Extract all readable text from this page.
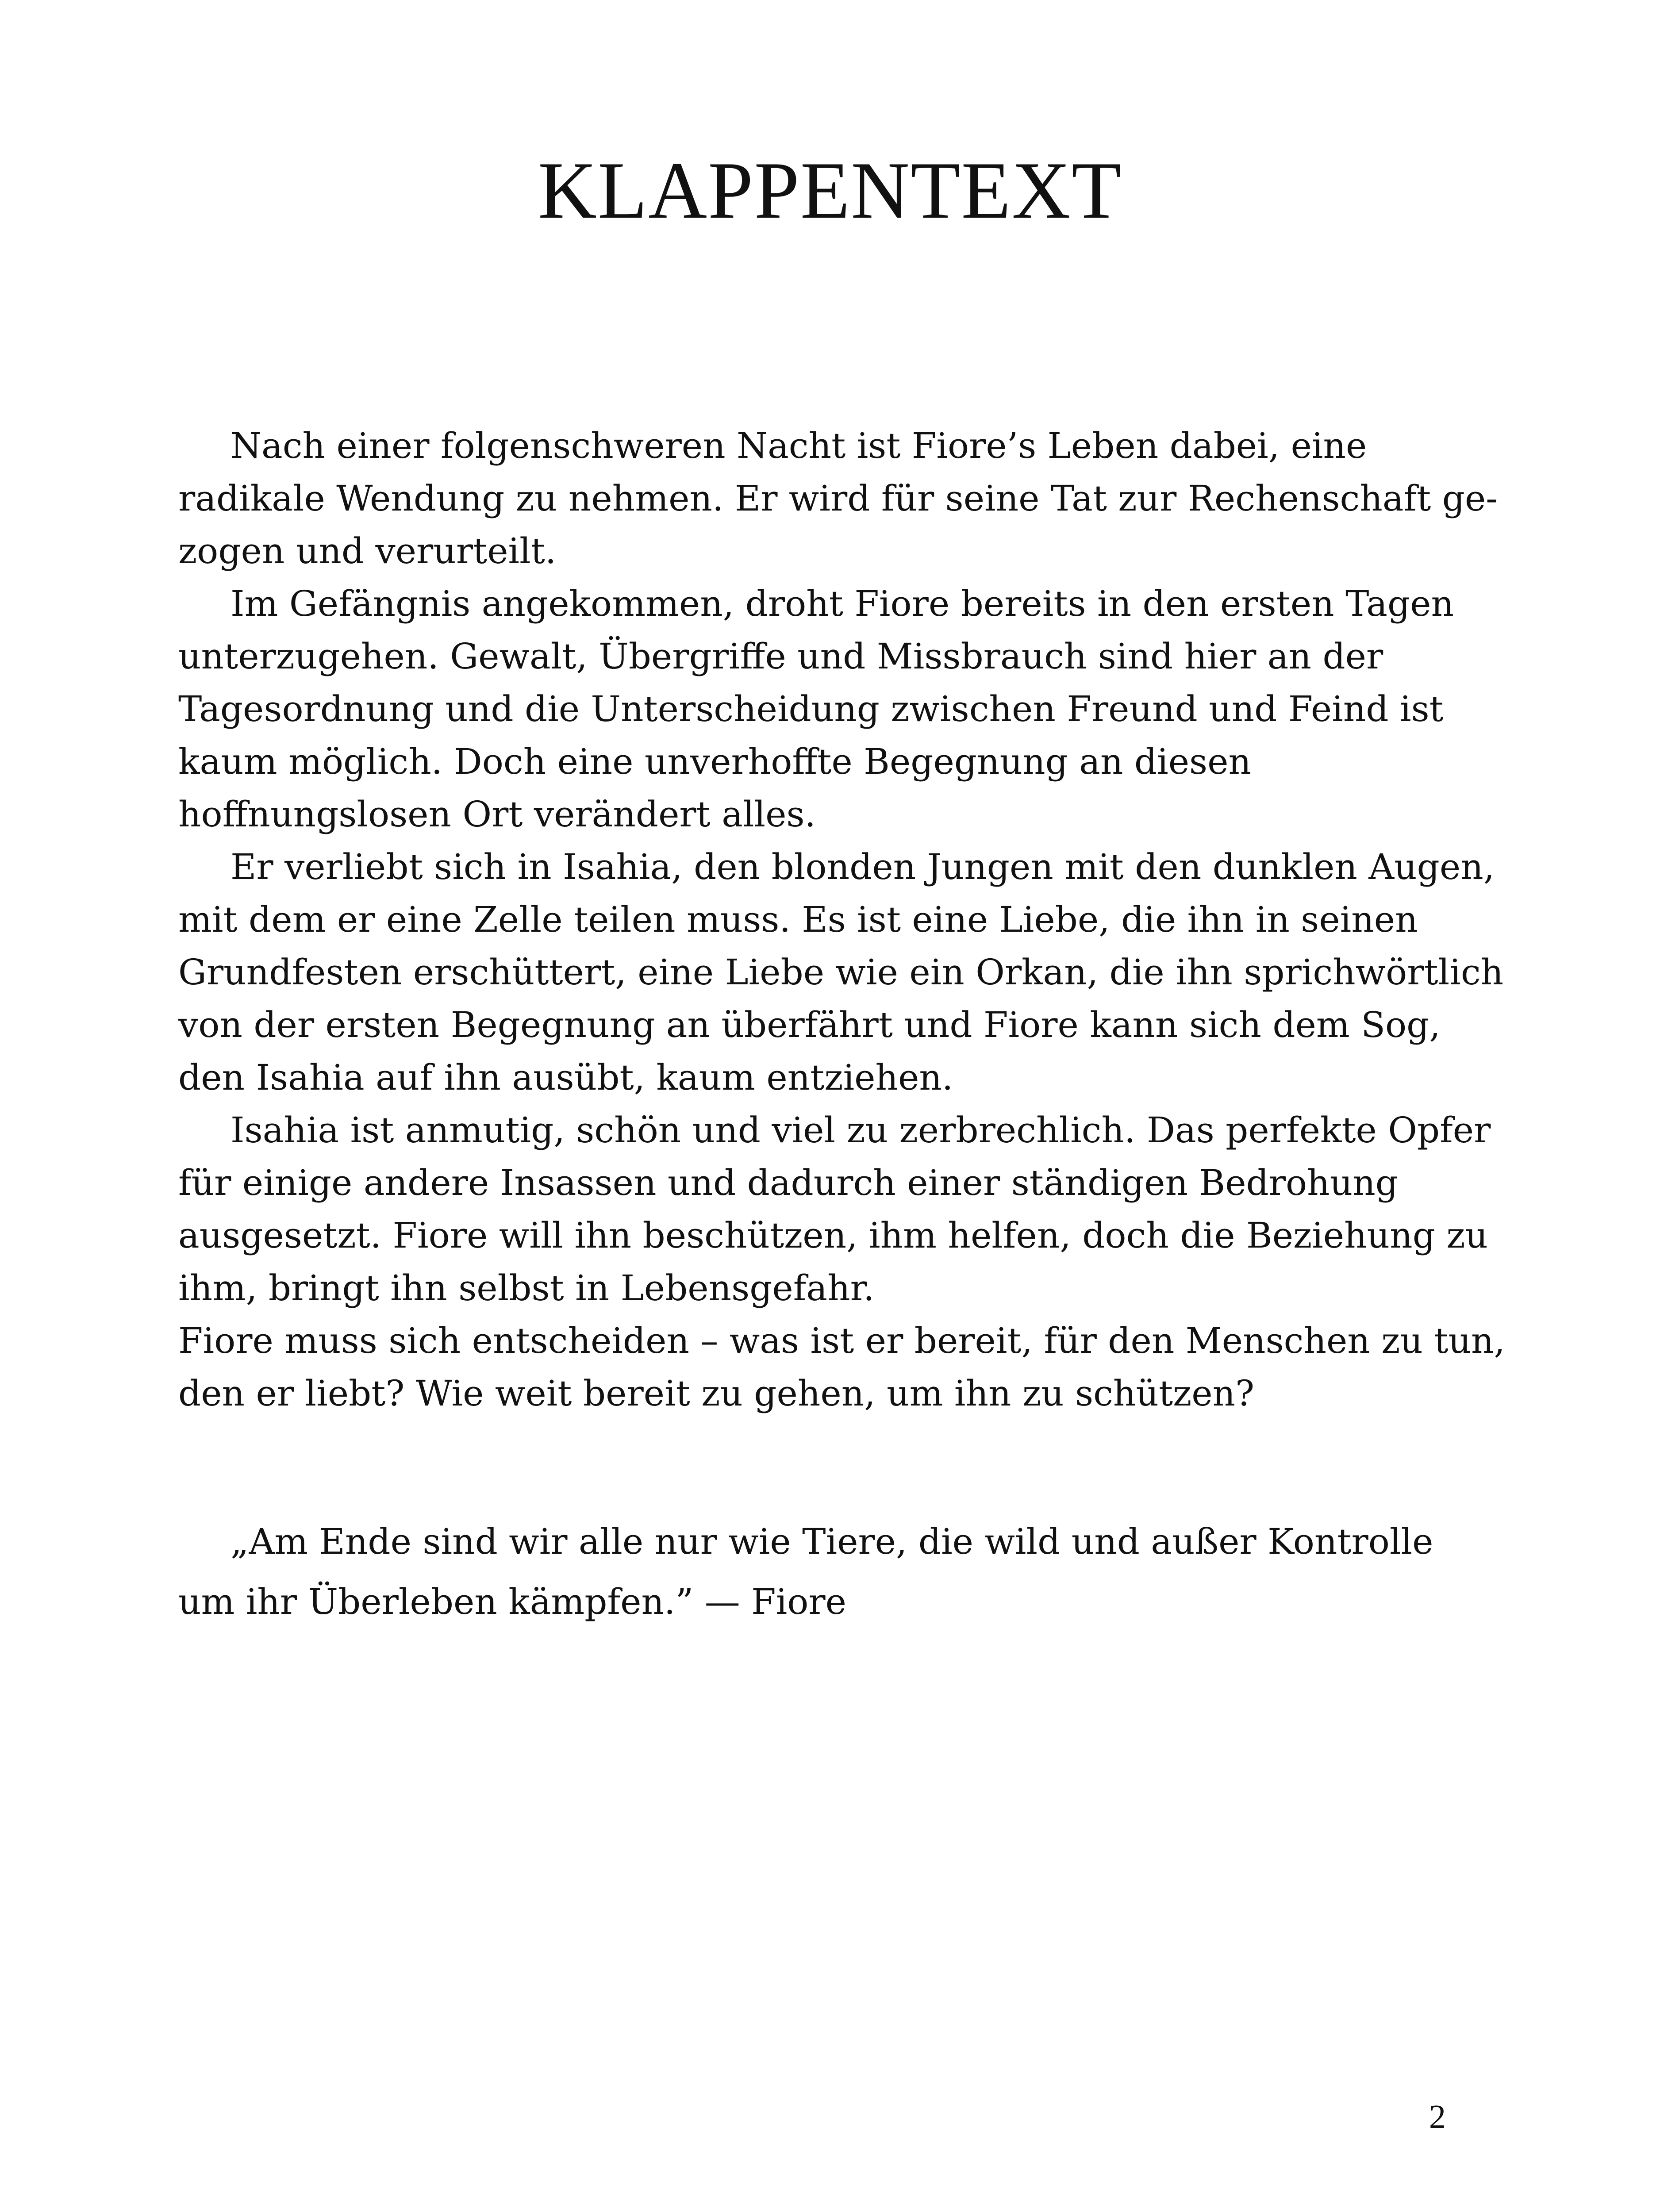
KLAPPENTEXT
Nach einer folgenschweren Nacht ist Fiore’s Leben dabei, eine
radikale Wendung zu nehmen. Er wird für seine Tat zur Rechenschaft ge-
zogen und verurteilt.
Im Gefängnis angekommen, droht Fiore bereits in den ersten Tagen
unterzugehen. Gewalt, Übergriffe und Missbrauch sind hier an der
Tagesordnung und die Unterscheidung zwischen Freund und Feind ist
kaum möglich. Doch eine unverhoffte Begegnung an diesen
hoffnungslosen Ort verändert alles.
Er verliebt sich in Isahia, den blonden Jungen mit den dunklen Augen,
mit dem er eine Zelle teilen muss. Es ist eine Liebe, die ihn in seinen
Grundfesten erschüttert, eine Liebe wie ein Orkan, die ihn sprichwörtlich
von der ersten Begegnung an überfährt und Fiore kann sich dem Sog,
den Isahia auf ihn ausübt, kaum entziehen.
Isahia ist anmutig, schön und viel zu zerbrechlich. Das perfekte Opfer
für einige andere Insassen und dadurch einer ständigen Bedrohung
ausgesetzt. Fiore will ihn beschützen, ihm helfen, doch die Beziehung zu
ihm, bringt ihn selbst in Lebensgefahr.
Fiore muss sich entscheiden – was ist er bereit, für den Menschen zu tun,
den er liebt? Wie weit bereit zu gehen, um ihn zu schützen?
„Am Ende sind wir alle nur wie Tiere, die wild und außer Kontrolle
um ihr Überleben kämpfen.” — Fiore
2
